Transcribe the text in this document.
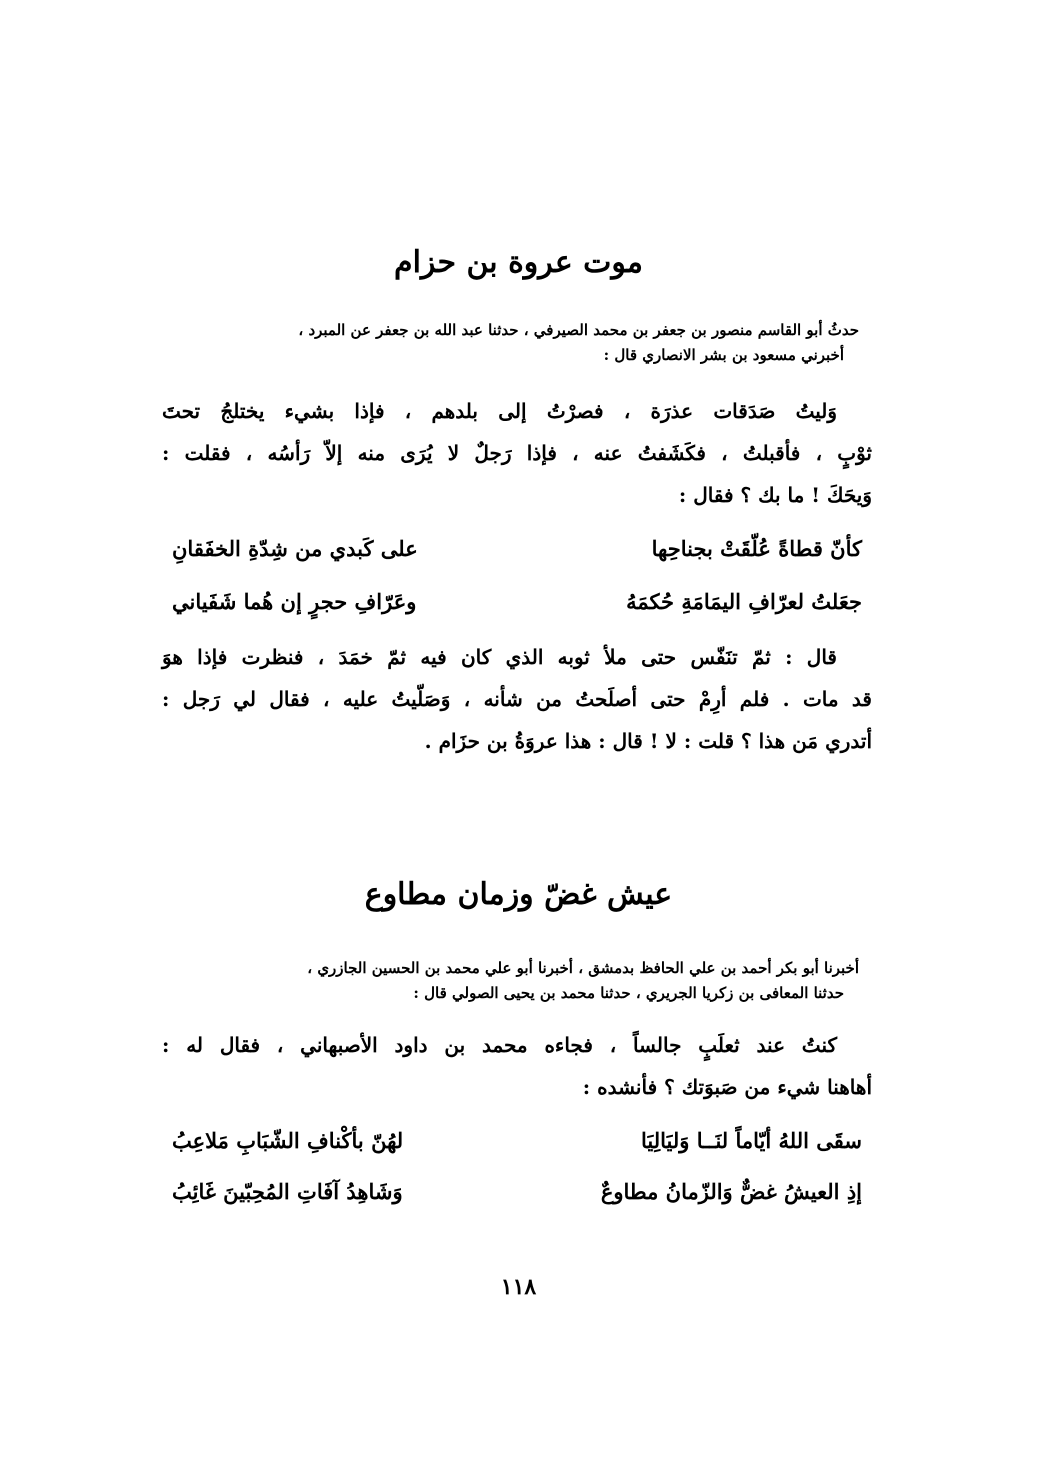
موت عروة بن حزام
حدثُ أبو القاسم منصور بن جعفر بن محمد الصيرفي ، حدثنا عبد الله بن جعفر عن المبرد ،
أخبرني مسعود بن بشر الانصاري قال :
وَليتُ صَدَقات عذرَة ، فصرْتُ إلى بلدهم ، فإذا بشيء يختلجُ تحتَ
ثوْبٍ ، فأقبلتُ ، فكَشَفتُ عنه ، فإذا رَجلٌ لا يُرَى منه إلاّ رَأسُه ، فقلت :
وَيحَكَ ! ما بك ؟ فقال :
كأنّ قطاةً عُلّقَتْ بجناحِها
على كَبدي من شِدّةِ الخفَقانِ
جعَلتُ لعرّافِ اليمَامَةِ حُكمَهُ
وعَرّافِ حجرٍ إن هُما شَفَياني
قال : ثمّ تنَفّس حتى ملأ ثوبه الذي كان فيه ثمّ خمَدَ ، فنظرت فإذا هوَ
قد مات . فلم أرِمْ حتى أصلَحتُ من شأنه ، وَصَلّيتُ عليه ، فقال لي رَجل :
أتدري مَن هذا ؟ قلت : لا ! قال : هذا عروَةُ بن حزَام .
عيش غضّ وزمان مطاوع
أخبرنا أبو بكر أحمد بن علي الحافظ بدمشق ، أخبرنا أبو علي محمد بن الحسين الجازري ،
حدثنا المعافى بن زكريا الجريري ، حدثنا محمد بن يحيى الصولي قال :
كنتُ عند ثعلَبٍ جالساً ، فجاءه محمد بن داود الأصبهاني ، فقال له :
أهاهنا شيء من صَبوَتك ؟ فأنشده :
سقَى اللهُ أيّاماً لنَــا وَليَالِيَا
لهُنّ بأكْنافِ الشّبَابِ مَلاعِبُ
إذِ العيشُ غضٌّ وَالزّمانُ مطاوعٌ
وَشَاهِدُ آفَاتِ المُحِبّينَ غَائِبُ
١١٨
